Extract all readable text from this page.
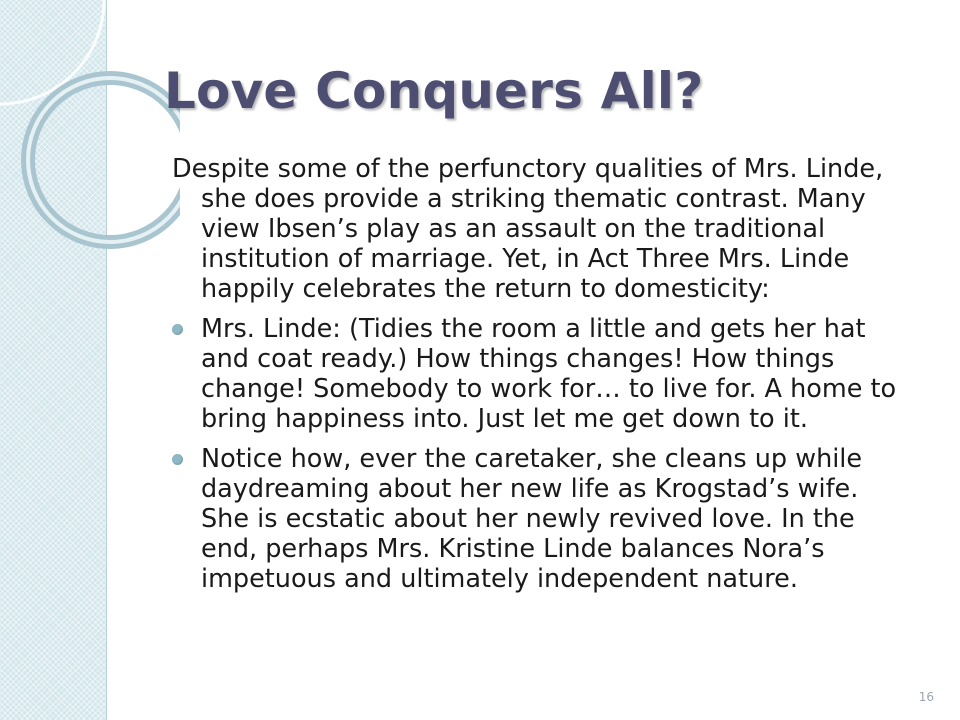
Love Conquers All?

Despite some of the perfunctory qualities of Mrs. Linde, she does provide a striking thematic contrast. Many view Ibsen’s play as an assault on the traditional institution of marriage. Yet, in Act Three Mrs. Linde happily celebrates the return to domesticity:

Mrs. Linde: (Tidies the room a little and gets her hat and coat ready.) How things changes! How things change! Somebody to work for… to live for. A home to bring happiness into. Just let me get down to it.
Notice how, ever the caretaker, she cleans up while daydreaming about her new life as Krogstad’s wife. She is ecstatic about her newly revived love. In the end, perhaps Mrs. Kristine Linde balances Nora’s impetuous and ultimately independent nature.
16
